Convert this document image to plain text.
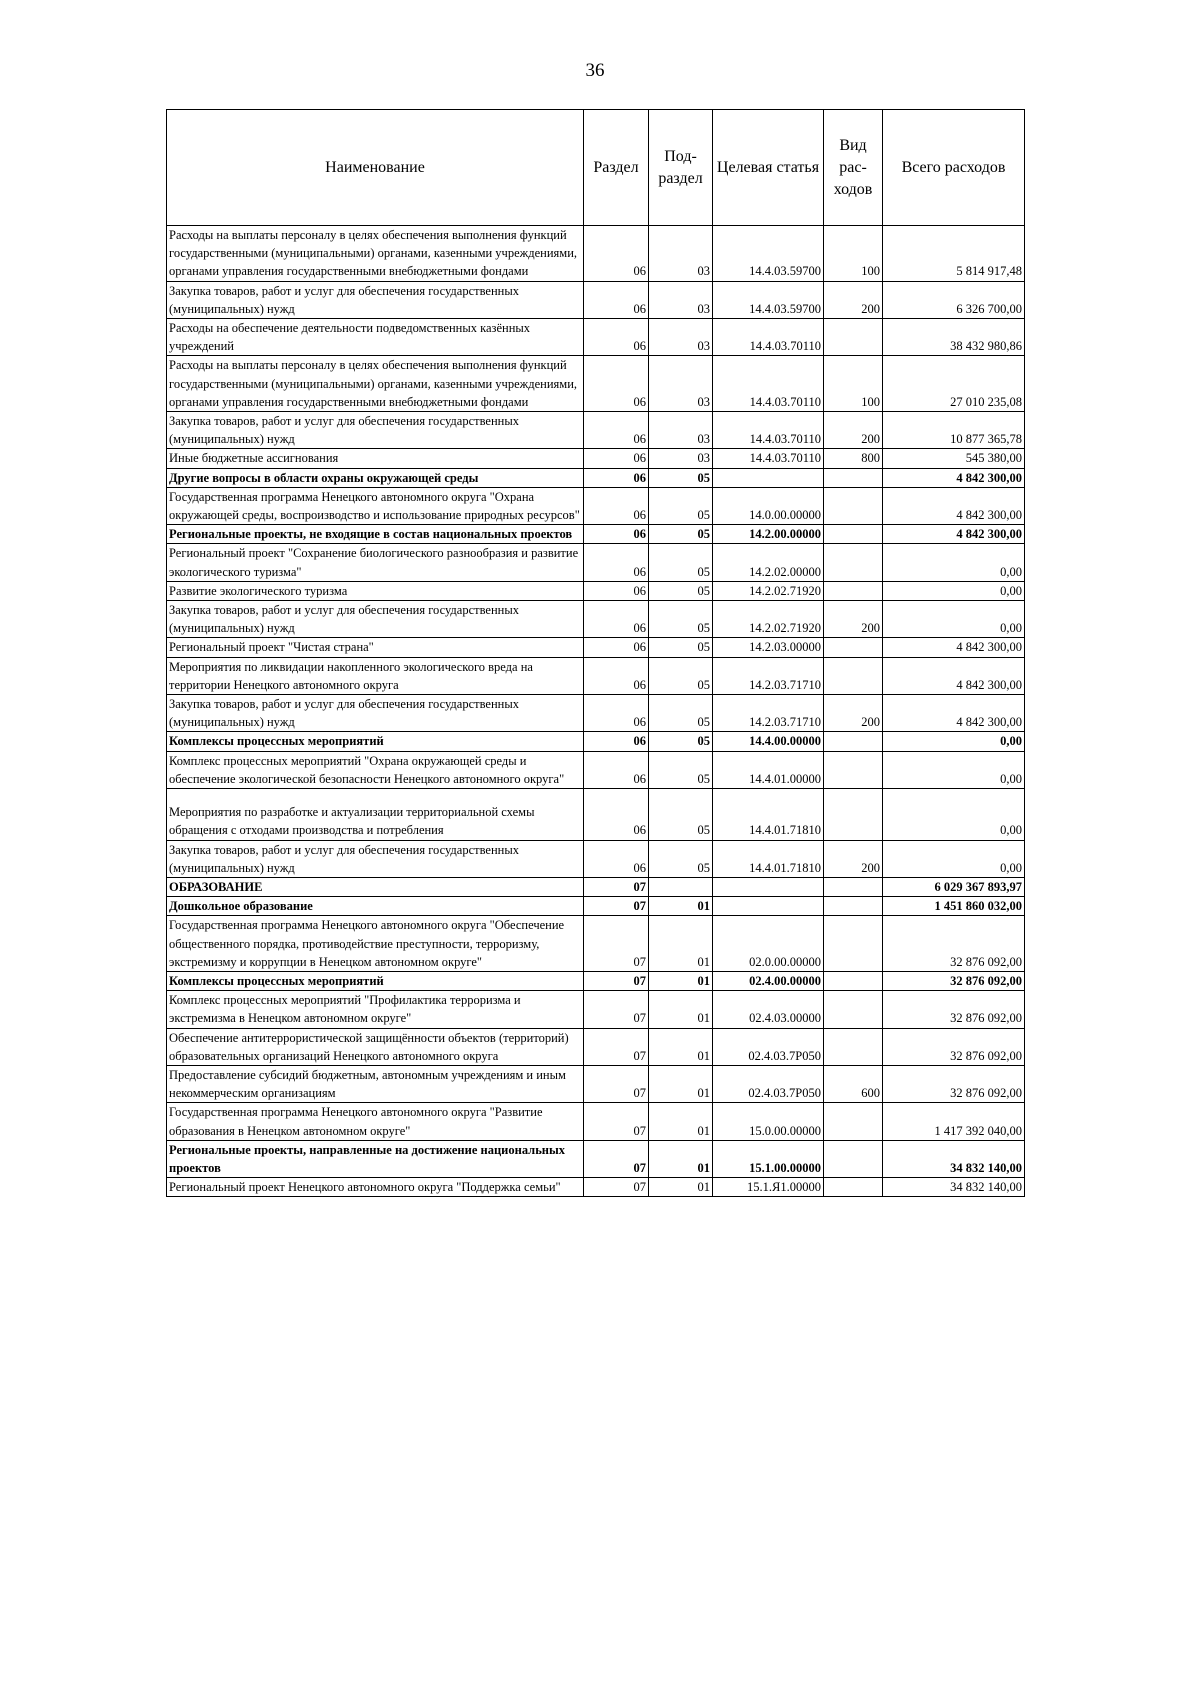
36
Наименование	Раздел	Под-раздел	Целевая статья	Вид рас-ходов	Всего расходов
Расходы на выплаты персоналу в целях обеспечения выполнения функций государственными (муниципальными) органами, казенными учреждениями, органами управления государственными внебюджетными фондами	06	03	14.4.03.59700	100	5 814 917,48
Закупка товаров, работ и услуг для обеспечения государственных (муниципальных) нужд	06	03	14.4.03.59700	200	6 326 700,00
Расходы на обеспечение деятельности подведомственных казённых учреждений	06	03	14.4.03.70110		38 432 980,86
Расходы на выплаты персоналу в целях обеспечения выполнения функций государственными (муниципальными) органами, казенными учреждениями, органами управления государственными внебюджетными фондами	06	03	14.4.03.70110	100	27 010 235,08
Закупка товаров, работ и услуг для обеспечения государственных (муниципальных) нужд	06	03	14.4.03.70110	200	10 877 365,78
Иные бюджетные ассигнования	06	03	14.4.03.70110	800	545 380,00
Другие вопросы в области охраны окружающей среды	06	05			4 842 300,00
Государственная программа Ненецкого автономного округа "Охрана окружающей среды, воспроизводство и использование природных ресурсов"	06	05	14.0.00.00000		4 842 300,00
Региональные проекты, не входящие в состав национальных проектов	06	05	14.2.00.00000		4 842 300,00
Региональный проект "Сохранение биологического разнообразия и развитие экологического туризма"	06	05	14.2.02.00000		0,00
Развитие экологического туризма	06	05	14.2.02.71920		0,00
Закупка товаров, работ и услуг для обеспечения государственных (муниципальных) нужд	06	05	14.2.02.71920	200	0,00
Региональный проект "Чистая страна"	06	05	14.2.03.00000		4 842 300,00
Мероприятия по ликвидации накопленного экологического вреда на территории Ненецкого автономного округа	06	05	14.2.03.71710		4 842 300,00
Закупка товаров, работ и услуг для обеспечения государственных (муниципальных) нужд	06	05	14.2.03.71710	200	4 842 300,00
Комплексы процессных мероприятий	06	05	14.4.00.00000		0,00
Комплекс процессных мероприятий "Охрана окружающей среды и обеспечение экологической безопасности Ненецкого автономного округа"	06	05	14.4.01.00000		0,00
Мероприятия по разработке и актуализации территориальной схемы обращения с отходами производства и потребления	06	05	14.4.01.71810		0,00
Закупка товаров, работ и услуг для обеспечения государственных (муниципальных) нужд	06	05	14.4.01.71810	200	0,00
ОБРАЗОВАНИЕ	07				6 029 367 893,97
Дошкольное образование	07	01			1 451 860 032,00
Государственная программа Ненецкого автономного округа "Обеспечение общественного порядка, противодействие преступности, терроризму, экстремизму и коррупции в Ненецком автономном округе"	07	01	02.0.00.00000		32 876 092,00
Комплексы процессных мероприятий	07	01	02.4.00.00000		32 876 092,00
Комплекс процессных мероприятий "Профилактика терроризма и экстремизма в Ненецком автономном округе"	07	01	02.4.03.00000		32 876 092,00
Обеспечение антитеррористической защищённости объектов (территорий) образовательных организаций Ненецкого автономного округа	07	01	02.4.03.7Р050		32 876 092,00
Предоставление субсидий бюджетным, автономным учреждениям и иным некоммерческим организациям	07	01	02.4.03.7Р050	600	32 876 092,00
Государственная программа Ненецкого автономного округа "Развитие образования в Ненецком автономном округе"	07	01	15.0.00.00000		1 417 392 040,00
Региональные проекты, направленные на достижение национальных проектов	07	01	15.1.00.00000		34 832 140,00
Региональный проект Ненецкого автономного округа "Поддержка семьи"	07	01	15.1.Я1.00000		34 832 140,00
